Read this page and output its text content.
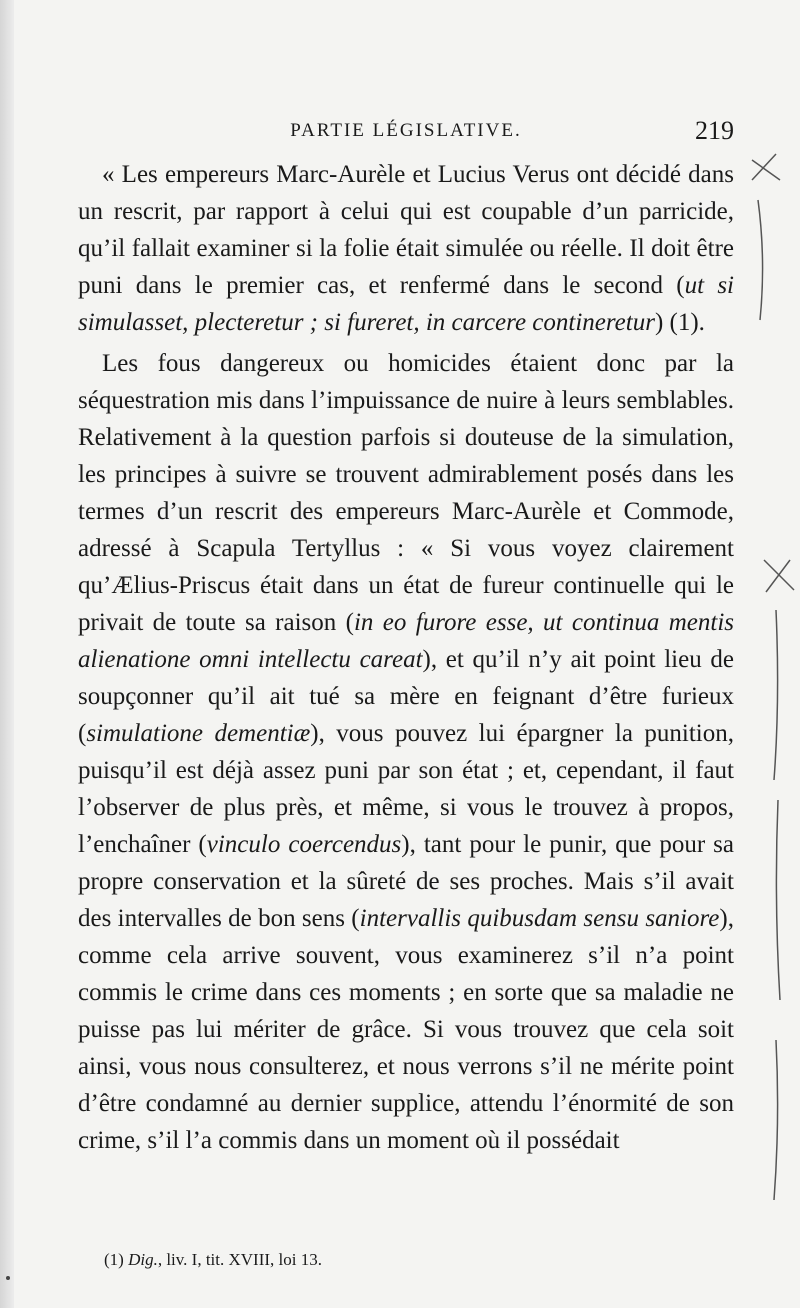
PARTIE LÉGISLATIVE.	219

« Les empereurs Marc-Aurèle et Lucius Verus ont décidé dans un rescrit, par rapport à celui qui est coupable d’un parricide, qu’il fallait examiner si la folie était simulée ou réelle. Il doit être puni dans le premier cas, et renfermé dans le second (ut si simulasset, plecteretur ; si fureret, in carcere contineretur) (1).

Les fous dangereux ou homicides étaient donc par la séquestration mis dans l’impuissance de nuire à leurs semblables. Relativement à la question parfois si douteuse de la simulation, les principes à suivre se trouvent admirablement posés dans les termes d’un rescrit des empereurs Marc-Aurèle et Commode, adressé à Scapula Tertyllus : « Si vous voyez clairement qu’Ælius-Priscus était dans un état de fureur continuelle qui le privait de toute sa raison (in eo furore esse, ut continua mentis alienatione omni intellectu careat), et qu’il n’y ait point lieu de soupçonner qu’il ait tué sa mère en feignant d’être furieux (simulatione dementiæ), vous pouvez lui épargner la punition, puisqu’il est déjà assez puni par son état ; et, cependant, il faut l’observer de plus près, et même, si vous le trouvez à propos, l’enchaîner (vinculo coercendus), tant pour le punir, que pour sa propre conservation et la sûreté de ses proches. Mais s’il avait des intervalles de bon sens (intervallis quibusdam sensu saniore), comme cela arrive souvent, vous examinerez s’il n’a point commis le crime dans ces moments ; en sorte que sa maladie ne puisse pas lui mériter de grâce. Si vous trouvez que cela soit ainsi, vous nous consulterez, et nous verrons s’il ne mérite point d’être condamné au dernier supplice, attendu l’énormité de son crime, s’il l’a commis dans un moment où il possédait

(1) Dig., liv. I, tit. XVIII, loi 13.
